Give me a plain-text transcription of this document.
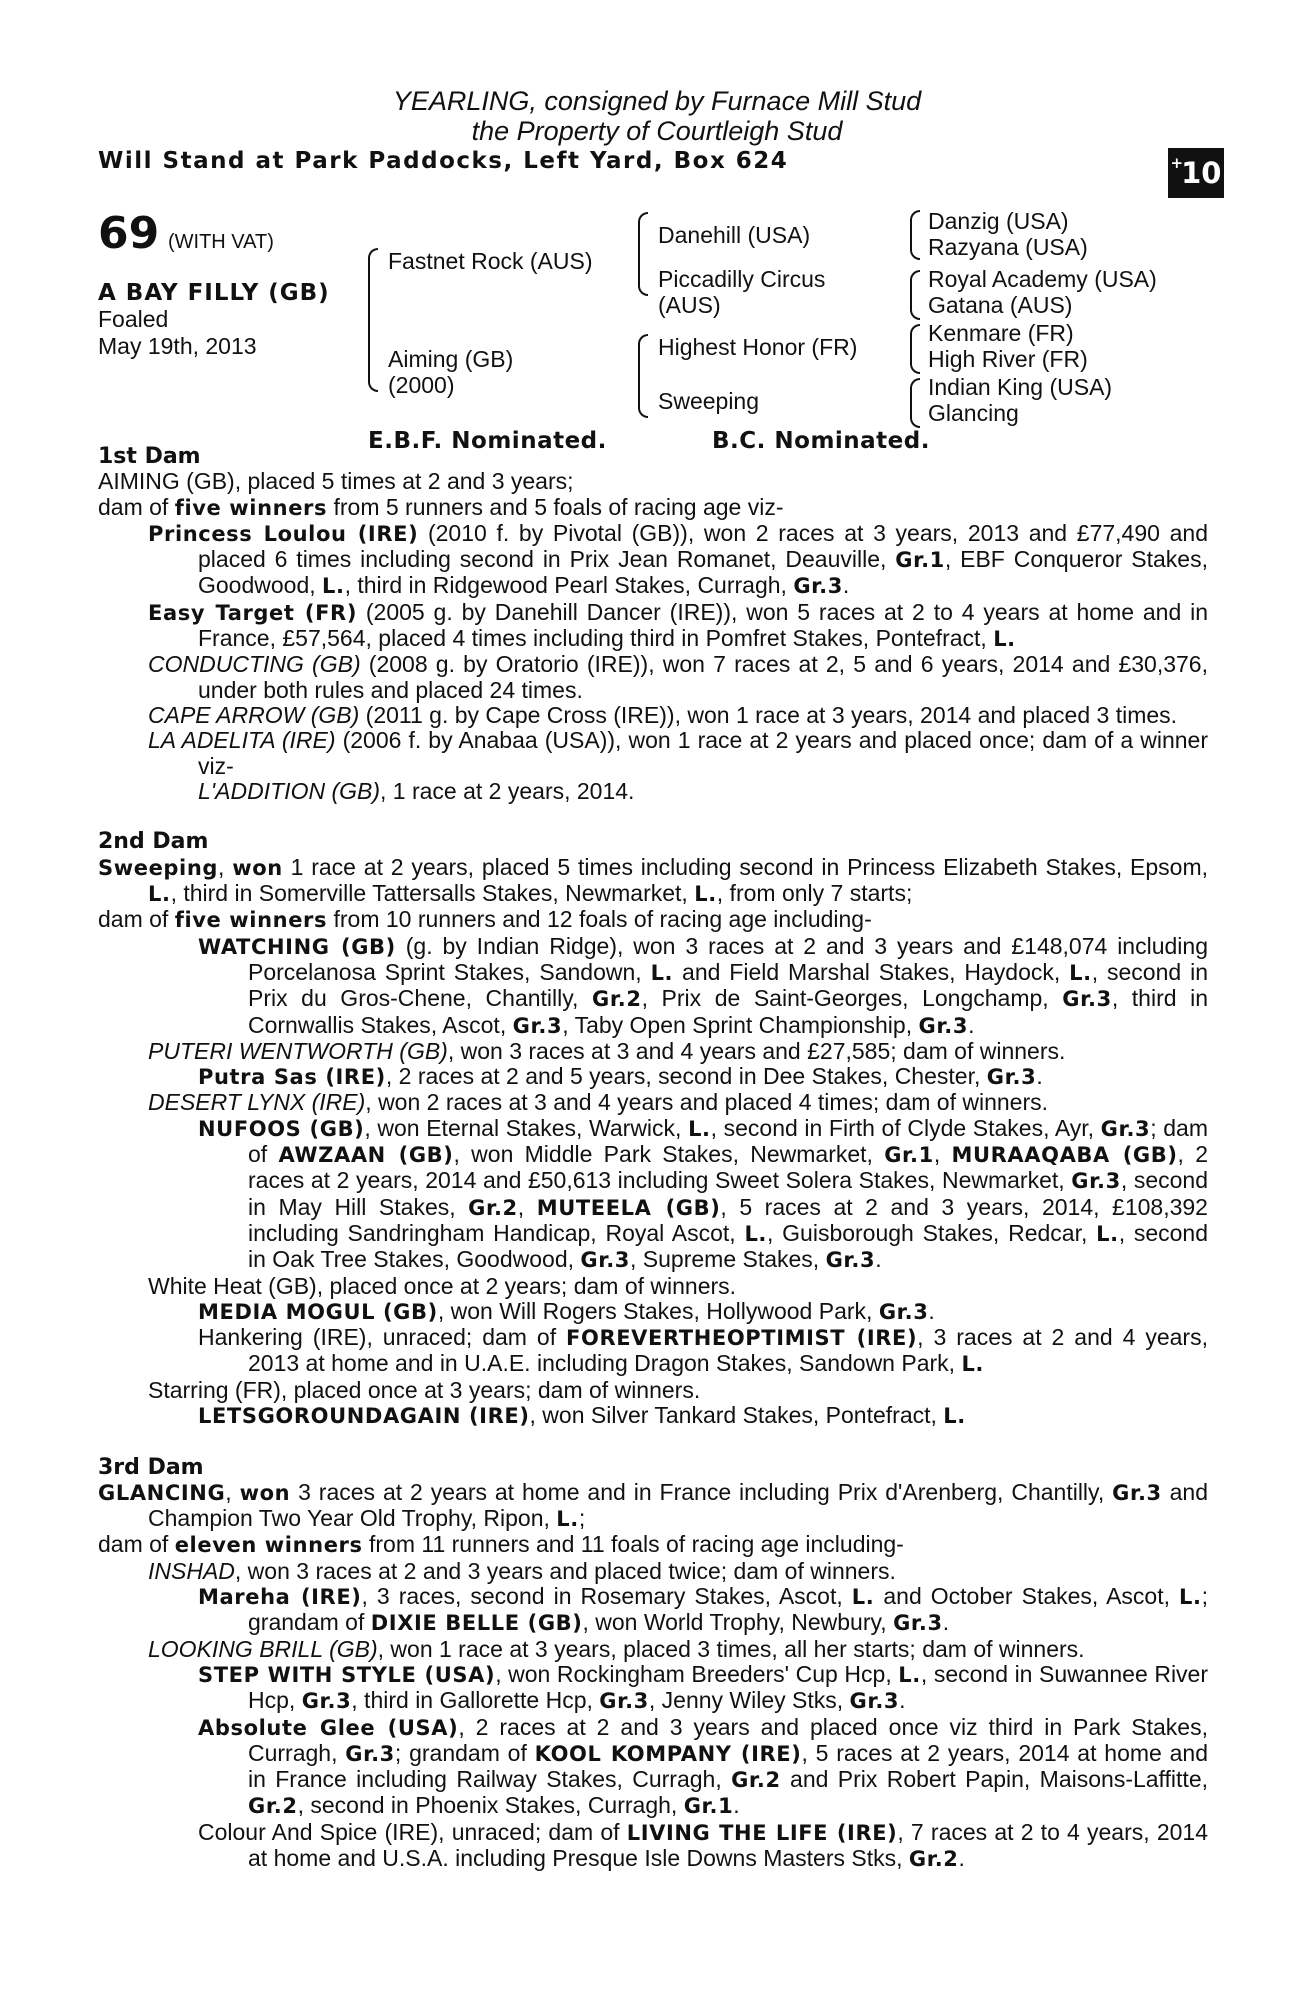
YEARLING, consigned by Furnace Mill Stud
the Property of Courtleigh Stud
Will Stand at Park Paddocks, Left Yard, Box 624	+
10
69 (WITH VAT)
A BAY FILLY (GB)
Foaled
May 19th, 2013
Fastnet Rock (AUS)
Aiming (GB)
(2000)
Danehill (USA)
Piccadilly Circus
(AUS)
Highest Honor (FR)
Sweeping
Danzig (USA)
Razyana (USA)
Royal Academy (USA)
Gatana (AUS)
Kenmare (FR)
High River (FR)
Indian King (USA)
Glancing
E.B.F. Nominated.	B.C. Nominated.
1st Dam

AIMING (GB), placed 5 times at 2 and 3 years;

dam of five winners from 5 runners and 5 foals of racing age viz-

Princess Loulou (IRE) (2010 f. by Pivotal (GB)), won 2 races at 3 years, 2013 and £77,490 and placed 6 times including second in Prix Jean Romanet, Deauville, Gr.1, EBF Conqueror Stakes, Goodwood, L., third in Ridgewood Pearl Stakes, Curragh, Gr.3.

Easy Target (FR) (2005 g. by Danehill Dancer (IRE)), won 5 races at 2 to 4 years at home and in France, £57,564, placed 4 times including third in Pomfret Stakes, Pontefract, L.

CONDUCTING (GB) (2008 g. by Oratorio (IRE)), won 7 races at 2, 5 and 6 years, 2014 and £30,376, under both rules and placed 24 times.

CAPE ARROW (GB) (2011 g. by Cape Cross (IRE)), won 1 race at 3 years, 2014 and placed 3 times.

LA ADELITA (IRE) (2006 f. by Anabaa (USA)), won 1 race at 2 years and placed once; dam of a winner viz-

L'ADDITION (GB), 1 race at 2 years, 2014.

2nd Dam

Sweeping, won 1 race at 2 years, placed 5 times including second in Princess Elizabeth Stakes, Epsom, L., third in Somerville Tattersalls Stakes, Newmarket, L., from only 7 starts;

dam of five winners from 10 runners and 12 foals of racing age including-

WATCHING (GB) (g. by Indian Ridge), won 3 races at 2 and 3 years and £148,074 including Porcelanosa Sprint Stakes, Sandown, L. and Field Marshal Stakes, Haydock, L., second in Prix du Gros-Chene, Chantilly, Gr.2, Prix de Saint-Georges, Longchamp, Gr.3, third in Cornwallis Stakes, Ascot, Gr.3, Taby Open Sprint Championship, Gr.3.

PUTERI WENTWORTH (GB), won 3 races at 3 and 4 years and £27,585; dam of winners.

Putra Sas (IRE), 2 races at 2 and 5 years, second in Dee Stakes, Chester, Gr.3.

DESERT LYNX (IRE), won 2 races at 3 and 4 years and placed 4 times; dam of winners.

NUFOOS (GB), won Eternal Stakes, Warwick, L., second in Firth of Clyde Stakes, Ayr, Gr.3; dam of AWZAAN (GB), won Middle Park Stakes, Newmarket, Gr.1, MURAAQABA (GB), 2 races at 2 years, 2014 and £50,613 including Sweet Solera Stakes, Newmarket, Gr.3, second in May Hill Stakes, Gr.2, MUTEELA (GB), 5 races at 2 and 3 years, 2014, £108,392 including Sandringham Handicap, Royal Ascot, L., Guisborough Stakes, Redcar, L., second in Oak Tree Stakes, Goodwood, Gr.3, Supreme Stakes, Gr.3.

White Heat (GB), placed once at 2 years; dam of winners.

MEDIA MOGUL (GB), won Will Rogers Stakes, Hollywood Park, Gr.3.

Hankering (IRE), unraced; dam of FOREVERTHEOPTIMIST (IRE), 3 races at 2 and 4 years, 2013 at home and in U.A.E. including Dragon Stakes, Sandown Park, L.

Starring (FR), placed once at 3 years; dam of winners.

LETSGOROUNDAGAIN (IRE), won Silver Tankard Stakes, Pontefract, L.

3rd Dam

GLANCING, won 3 races at 2 years at home and in France including Prix d'Arenberg, Chantilly, Gr.3 and Champion Two Year Old Trophy, Ripon, L.;

dam of eleven winners from 11 runners and 11 foals of racing age including-

INSHAD, won 3 races at 2 and 3 years and placed twice; dam of winners.

Mareha (IRE), 3 races, second in Rosemary Stakes, Ascot, L. and October Stakes, Ascot, L.; grandam of DIXIE BELLE (GB), won World Trophy, Newbury, Gr.3.

LOOKING BRILL (GB), won 1 race at 3 years, placed 3 times, all her starts; dam of winners.

STEP WITH STYLE (USA), won Rockingham Breeders' Cup Hcp, L., second in Suwannee River Hcp, Gr.3, third in Gallorette Hcp, Gr.3, Jenny Wiley Stks, Gr.3.

Absolute Glee (USA), 2 races at 2 and 3 years and placed once viz third in Park Stakes, Curragh, Gr.3; grandam of KOOL KOMPANY (IRE), 5 races at 2 years, 2014 at home and in France including Railway Stakes, Curragh, Gr.2 and Prix Robert Papin, Maisons-Laffitte, Gr.2, second in Phoenix Stakes, Curragh, Gr.1.

Colour And Spice (IRE), unraced; dam of LIVING THE LIFE (IRE), 7 races at 2 to 4 years, 2014 at home and U.S.A. including Presque Isle Downs Masters Stks, Gr.2.
